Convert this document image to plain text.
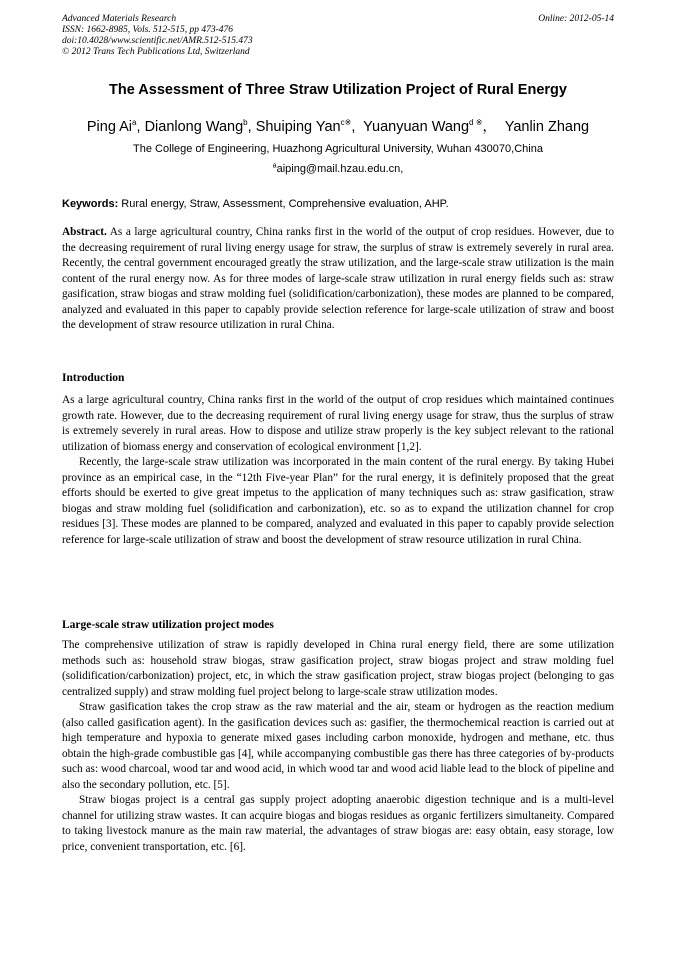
Advanced Materials Research
ISSN: 1662-8985, Vols. 512-515, pp 473-476
doi:10.4028/www.scientific.net/AMR.512-515.473
© 2012 Trans Tech Publications Ltd, Switzerland
Online: 2012-05-14
The Assessment of Three Straw Utilization Project of Rural Energy
Ping Ai$^a$, Dianlong Wang$^b$, Shuiping Yan$^{c※}$,  Yuanyuan Wang$^{d ※}$，  Yanlin Zhang
The College of Engineering, Huazhong Agricultural University, Wuhan 430070,China
$^a$aiping@mail.hzau.edu.cn,
Keywords: Rural energy, Straw, Assessment, Comprehensive evaluation, AHP.

Abstract. As a large agricultural country, China ranks first in the world of the output of crop residues. However, due to the decreasing requirement of rural living energy usage for straw, the surplus of straw is extremely severely in rural area. Recently, the central government encouraged greatly the straw utilization, and the large-scale straw utilization is the main content of the rural energy now. As for three modes of large-scale straw utilization in rural energy fields such as: straw gasification, straw biogas and straw molding fuel (solidification/carbonization), these modes are planned to be compared, analyzed and evaluated in this paper to capably provide selection reference for large-scale utilization of straw and boost the development of straw resource utilization in rural China.

Introduction

As a large agricultural country, China ranks first in the world of the output of crop residues which maintained continues growth rate. However, due to the decreasing requirement of rural living energy usage for straw, thus the surplus of straw is extremely severely in rural areas. How to dispose and utilize straw properly is the key subject relevant to the rational utilization of biomass energy and conservation of ecological environment [1,2].

Recently, the large-scale straw utilization was incorporated in the main content of the rural energy. By taking Hubei province as an empirical case, in the “12th Five-year Plan” for the rural energy, it is definitely proposed that the great efforts should be exerted to give great impetus to the application of many techniques such as: straw gasification, straw biogas and straw molding fuel (solidification and carbonization), etc. so as to expand the utilization channel for crop residues [3]. These modes are planned to be compared, analyzed and evaluated in this paper to capably provide selection reference for large-scale utilization of straw and boost the development of straw resource utilization in rural China.

Large-scale straw utilization project modes

The comprehensive utilization of straw is rapidly developed in China rural energy field, there are some utilization methods such as: household straw biogas, straw gasification project, straw biogas project and straw molding fuel (solidification/carbonization) project, etc, in which the straw gasification project, straw biogas project (belonging to gas centralized supply) and straw molding fuel project belong to large-scale straw utilization modes.

Straw gasification takes the crop straw as the raw material and the air, steam or hydrogen as the reaction medium (also called gasification agent). In the gasification devices such as: gasifier, the thermochemical reaction is carried out at high temperature and hypoxia to generate mixed gases including carbon monoxide, hydrogen and methane, etc. thus obtain the high-grade combustible gas [4], while accompanying combustible gas there has three categories of by-products such as: wood charcoal, wood tar and wood acid, in which wood tar and wood acid liable lead to the block of pipeline and also the secondary pollution, etc. [5].

Straw biogas project is a central gas supply project adopting anaerobic digestion technique and is a multi-level channel for utilizing straw wastes. It can acquire biogas and biogas residues as organic fertilizers simultaneity. Compared to taking livestock manure as the main raw material, the advantages of straw biogas are: easy obtain, easy storage, low price, convenient transportation, etc. [6].
